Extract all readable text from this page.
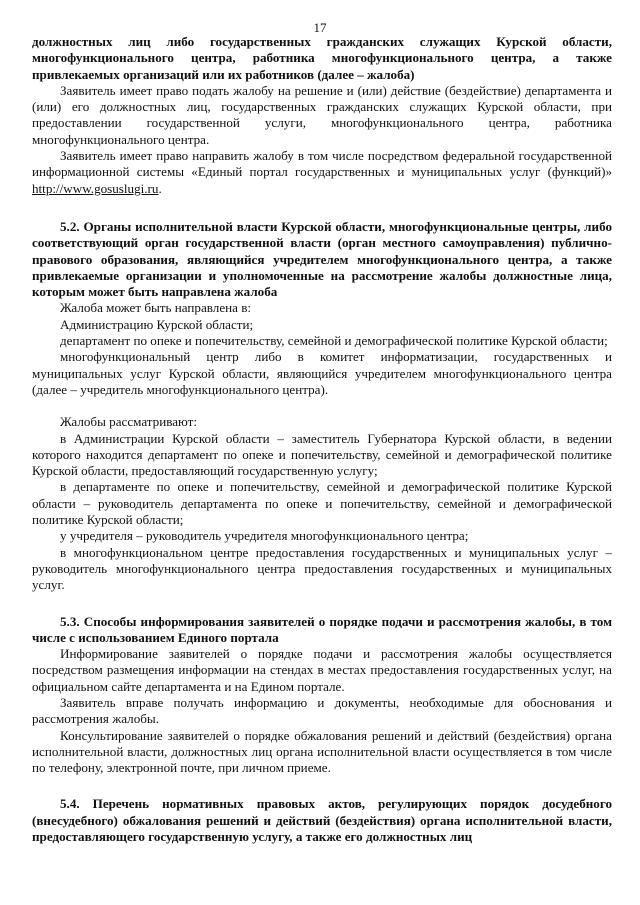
17

должностных лиц либо государственных гражданских служащих Курской области, многофункционального центра, работника многофункционального центра, а также привлекаемых организаций или их работников (далее – жалоба)

Заявитель имеет право подать жалобу на решение и (или) действие (бездействие) департамента и (или) его должностных лиц, государственных гражданских служащих Курской области, при предоставлении государственной услуги, многофункционального центра, работника многофункционального центра.

Заявитель имеет право направить жалобу в том числе посредством федеральной государственной информационной системы «Единый портал государственных и муниципальных услуг (функций)» http://www.gosuslugi.ru.

5.2. Органы исполнительной власти Курской области, многофункциональные центры, либо соответствующий орган государственной власти (орган местного самоуправления) публично-правового образования, являющийся учредителем многофункционального центра, а также привлекаемые организации и уполномоченные на рассмотрение жалобы должностные лица, которым может быть направлена жалоба

Жалоба может быть направлена в:

Администрацию Курской области;

департамент по опеке и попечительству, семейной и демографической политике Курской области;

многофункциональный центр либо в комитет информатизации, государственных и муниципальных услуг Курской области, являющийся учредителем многофункционального центра (далее – учредитель многофункционального центра).

Жалобы рассматривают:

в Администрации Курской области – заместитель Губернатора Курской области, в ведении которого находится департамент по опеке и попечительству, семейной и демографической политике Курской области, предоставляющий государственную услугу;

в департаменте по опеке и попечительству, семейной и демографической политике Курской области – руководитель департамента по опеке и попечительству, семейной и демографической политике Курской области;

у учредителя – руководитель учредителя многофункционального центра;

в многофункциональном центре предоставления государственных и муниципальных услуг – руководитель многофункционального центра предоставления государственных и муниципальных услуг.

5.3. Способы информирования заявителей о порядке подачи и рассмотрения жалобы, в том числе с использованием Единого портала

Информирование заявителей о порядке подачи и рассмотрения жалобы осуществляется посредством размещения информации на стендах в местах предоставления государственных услуг, на официальном сайте департамента и на Едином портале.

Заявитель вправе получать информацию и документы, необходимые для обоснования и рассмотрения жалобы.

Консультирование заявителей о порядке обжалования решений и действий (бездействия) органа исполнительной власти, должностных лиц органа исполнительной власти осуществляется в том числе по телефону, электронной почте, при личном приеме.

5.4. Перечень нормативных правовых актов, регулирующих порядок досудебного (внесудебного) обжалования решений и действий (бездействия) органа исполнительной власти, предоставляющего государственную услугу, а также его должностных лиц
